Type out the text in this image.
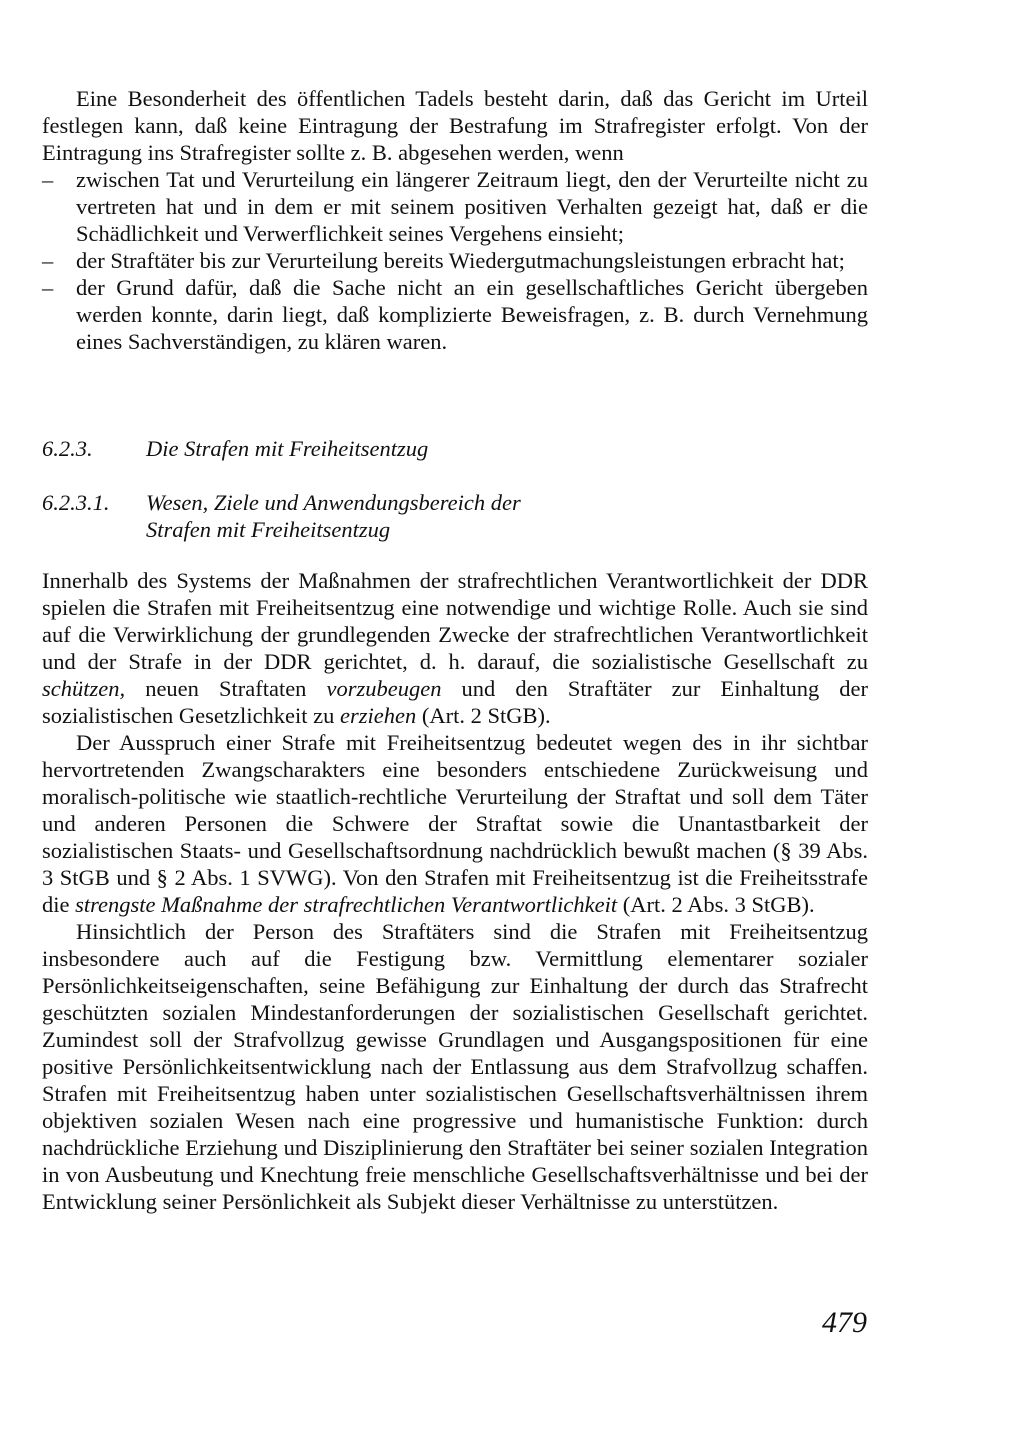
Eine Besonderheit des öffentlichen Tadels besteht darin, daß das Gericht im Urteil festlegen kann, daß keine Eintragung der Bestrafung im Strafregister erfolgt. Von der Eintragung ins Strafregister sollte z. B. abgesehen werden, wenn

– zwischen Tat und Verurteilung ein längerer Zeitraum liegt, den der Verurteilte nicht zu vertreten hat und in dem er mit seinem positiven Verhalten gezeigt hat, daß er die Schädlichkeit und Verwerflichkeit seines Vergehens einsieht;
– der Straftäter bis zur Verurteilung bereits Wiedergutmachungsleistungen erbracht hat;
– der Grund dafür, daß die Sache nicht an ein gesellschaftliches Gericht übergeben werden konnte, darin liegt, daß komplizierte Beweisfragen, z. B. durch Vernehmung eines Sachverständigen, zu klären waren.
6.2.3.	Die Strafen mit Freiheitsentzug
6.2.3.1.	Wesen, Ziele und Anwendungsbereich der Strafen mit Freiheitsentzug

Innerhalb des Systems der Maßnahmen der strafrechtlichen Verantwortlichkeit der DDR spielen die Strafen mit Freiheitsentzug eine notwendige und wichtige Rolle. Auch sie sind auf die Verwirklichung der grundlegenden Zwecke der strafrechtlichen Verantwortlichkeit und der Strafe in der DDR gerichtet, d. h. darauf, die sozialistische Gesellschaft zu schützen, neuen Straftaten vorzubeugen und den Straftäter zur Einhaltung der sozialistischen Gesetzlichkeit zu erziehen (Art. 2 StGB).

Der Ausspruch einer Strafe mit Freiheitsentzug bedeutet wegen des in ihr sichtbar hervortretenden Zwangscharakters eine besonders entschiedene Zurückweisung und moralisch-politische wie staatlich-rechtliche Verurteilung der Straftat und soll dem Täter und anderen Personen die Schwere der Straftat sowie die Unantastbarkeit der sozialistischen Staats- und Gesellschaftsordnung nachdrücklich bewußt machen (§ 39 Abs. 3 StGB und § 2 Abs. 1 SVWG). Von den Strafen mit Freiheitsentzug ist die Freiheitsstrafe die strengste Maßnahme der strafrechtlichen Verantwortlichkeit (Art. 2 Abs. 3 StGB).

Hinsichtlich der Person des Straftäters sind die Strafen mit Freiheitsentzug insbesondere auch auf die Festigung bzw. Vermittlung elementarer sozialer Persönlichkeitseigenschaften, seine Befähigung zur Einhaltung der durch das Strafrecht geschützten sozialen Mindestanforderungen der sozialistischen Gesellschaft gerichtet. Zumindest soll der Strafvollzug gewisse Grundlagen und Ausgangspositionen für eine positive Persönlichkeitsentwicklung nach der Entlassung aus dem Strafvollzug schaffen. Strafen mit Freiheitsentzug haben unter sozialistischen Gesellschaftsverhältnissen ihrem objektiven sozialen Wesen nach eine progressive und humanistische Funktion: durch nachdrückliche Erziehung und Disziplinierung den Straftäter bei seiner sozialen Integration in von Ausbeutung und Knechtung freie menschliche Gesellschaftsverhältnisse und bei der Entwicklung seiner Persönlichkeit als Subjekt dieser Verhältnisse zu unterstützen.

479
